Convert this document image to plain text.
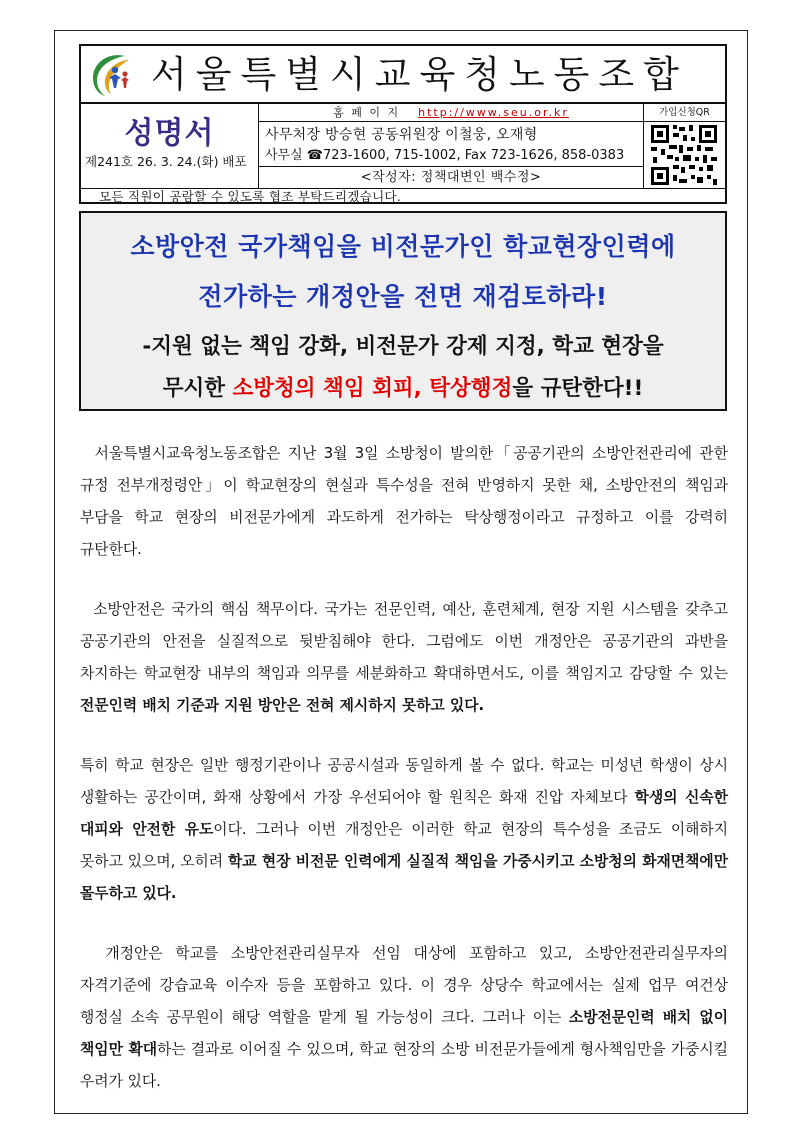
서울특별시교육청노동조합
성명서
제241호 26. 3. 24.(화) 배포
홈 페 이 지 http://www.seu.or.kr
사무처장 방승현 공동위원장 이철웅, 오재형
사무실 ☎723-1600, 715-1002, Fax 723-1626, 858-0383
<작성자: 정책대변인 백수정>
가입신청QR
모든 직원이 공람할 수 있도록 협조 부탁드리겠습니다.
소방안전 국가책임을 비전문가인 학교현장인력에
전가하는 개정안을 전면 재검토하라!
-지원 없는 책임 강화, 비전문가 강제 지정, 학교 현장을
무시한 소방청의 책임 회피, 탁상행정을 규탄한다!!

서울특별시교육청노동조합은 지난 3월 3일 소방청이 발의한「공공기관의 소방안전관리에 관한 규정 전부개정령안」이 학교현장의 현실과 특수성을 전혀 반영하지 못한 채, 소방안전의 책임과 부담을 학교 현장의 비전문가에게 과도하게 전가하는 탁상행정이라고 규정하고 이를 강력히 규탄한다.

소방안전은 국가의 핵심 책무이다. 국가는 전문인력, 예산, 훈련체계, 현장 지원 시스템을 갖추고 공공기관의 안전을 실질적으로 뒷받침해야 한다. 그럼에도 이번 개정안은 공공기관의 과반을 차지하는 학교현장 내부의 책임과 의무를 세분화하고 확대하면서도, 이를 책임지고 감당할 수 있는 전문인력 배치 기준과 지원 방안은 전혀 제시하지 못하고 있다.

특히 학교 현장은 일반 행정기관이나 공공시설과 동일하게 볼 수 없다. 학교는 미성년 학생이 상시 생활하는 공간이며, 화재 상황에서 가장 우선되어야 할 원칙은 화재 진압 자체보다 학생의 신속한 대피와 안전한 유도이다. 그러나 이번 개정안은 이러한 학교 현장의 특수성을 조금도 이해하지 못하고 있으며, 오히려 학교 현장 비전문 인력에게 실질적 책임을 가중시키고 소방청의 화재면책에만 몰두하고 있다.

개정안은 학교를 소방안전관리실무자 선임 대상에 포함하고 있고, 소방안전관리실무자의 자격기준에 강습교육 이수자 등을 포함하고 있다. 이 경우 상당수 학교에서는 실제 업무 여건상 행정실 소속 공무원이 해당 역할을 맡게 될 가능성이 크다. 그러나 이는 소방전문인력 배치 없이 책임만 확대하는 결과로 이어질 수 있으며, 학교 현장의 소방 비전문가들에게 형사책임만을 가중시킬 우려가 있다.
